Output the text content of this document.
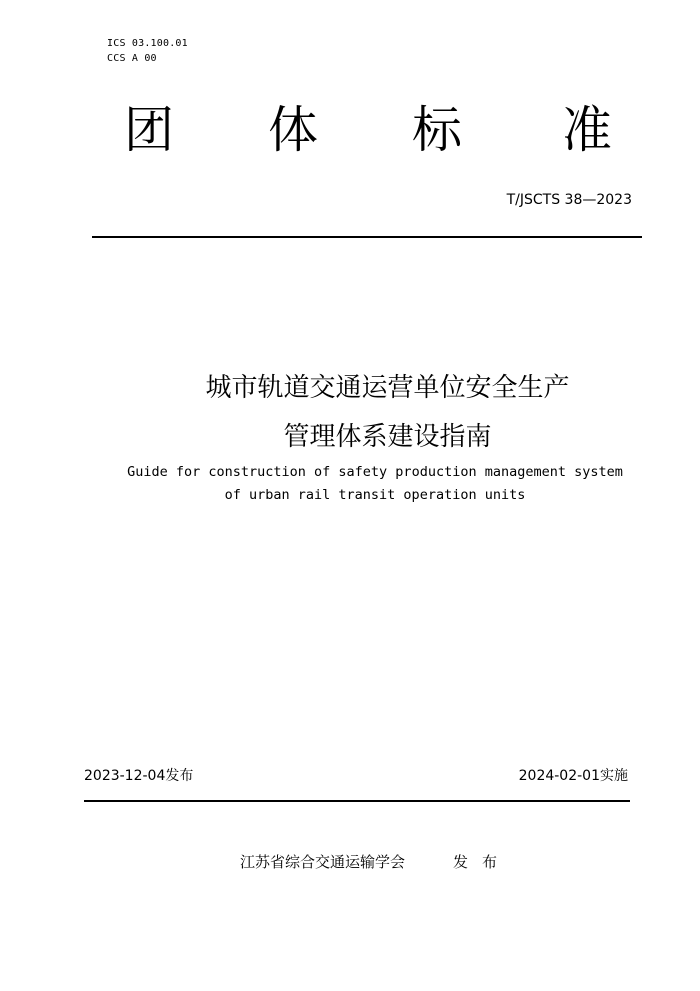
ICS 03.100.01
CCS A 00
团 体 标 准
T/JSCTS 38—2023
城市轨道交通运营单位安全生产
管理体系建设指南
Guide for construction of safety production management system
of urban rail transit operation units
2023-12-04发布	2024-02-01实施
江苏省综合交通运输学会	发 布
